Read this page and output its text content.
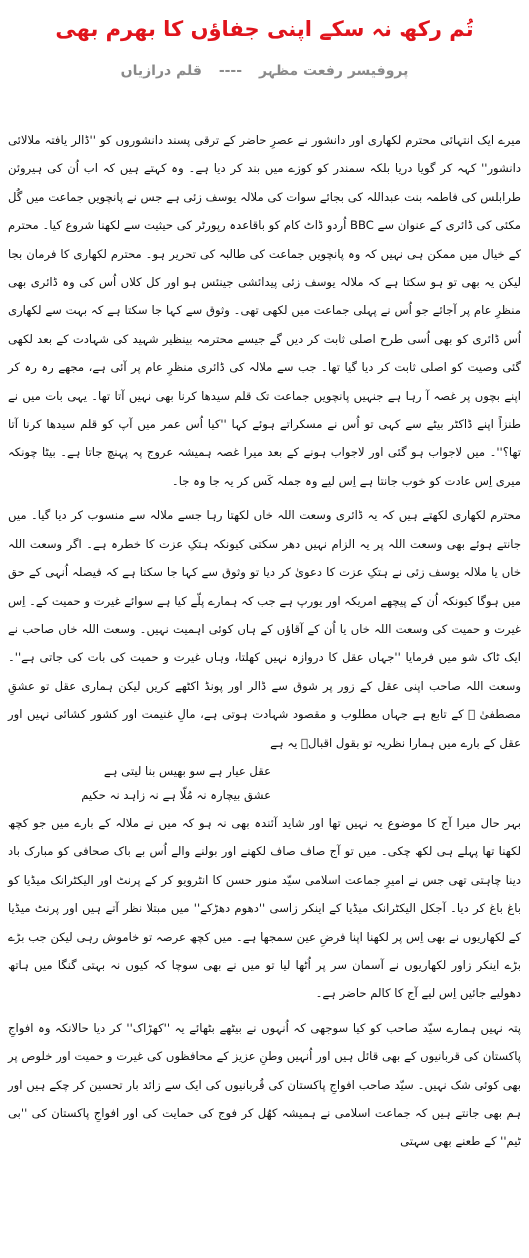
تُم رکھ نہ سکے اپنی جفاؤں کا بھرم بھی
پروفیسر رفعت مظہر ---- قلم درازیاں

میرے ایک انتہائی محترم لکھاری اور دانشور نے عصرِ حاضر کے ترقی پسند دانشوروں کو ''ڈالر یافتہ ملالائی دانشور'' کہہ کر گویا دریا بلکہ سمندر کو کوزے میں بند کر دیا ہے۔ وہ کہتے ہیں کہ اب اُن کی ہیروئن طرابلس کی فاطمہ بنت عبداللہ کی بجائے سوات کی ملالہ یوسف زئی ہے جس نے پانچویں جماعت میں گُل مکئی کی ڈائری کے عنوان سے BBC اُردو ڈاٹ کام کو باقاعدہ رپورٹر کی حیثیت سے لکھنا شروع کیا۔ محترم کے خیال میں ممکن ہی نہیں کہ وہ پانچویں جماعت کی طالبہ کی تحریر ہو۔ محترم لکھاری کا فرمان بجا لیکن یہ بھی تو ہو سکتا ہے کہ ملالہ یوسف زئی پیدائشی جینئس ہو اور کل کلاں اُس کی وہ ڈائری بھی منظرِ عام پر آجائے جو اُس نے پہلی جماعت میں لکھی تھی۔ وثوق سے کہا جا سکتا ہے کہ بہت سے لکھاری اُس ڈائری کو بھی اُسی طرح اصلی ثابت کر دیں گے جیسے محترمہ بینظیر شہید کی شہادت کے بعد لکھی گئی وصیت کو اصلی ثابت کر دیا گیا تھا۔ جب سے ملالہ کی ڈائری منظرِ عام پر آئی ہے، مجھے رہ رہ کر اپنے بچوں پر غصہ آ رہا ہے جنہیں پانچویں جماعت تک قلم سیدھا کرنا بھی نہیں آتا تھا۔ یہی بات میں نے طنزاً اپنے ڈاکٹر بیٹے سے کہی تو اُس نے مسکراتے ہوئے کہا ''کیا اُس عمر میں آپ کو قلم سیدھا کرنا آتا تھا؟''۔ میں لاجواب ہو گئی اور لاجواب ہونے کے بعد میرا غصہ ہمیشہ عروج پہ پہنچ جاتا ہے۔ بیٹا چونکہ میری اِس عادت کو خوب جانتا ہے اِس لیے وہ جملہ کَس کر یہ جا وہ جا۔

محترم لکھاری لکھتے ہیں کہ یہ ڈائری وسعت اللہ خاں لکھتا رہا جسے ملالہ سے منسوب کر دیا گیا۔ میں جانتے ہوئے بھی وسعت اللہ پر یہ الزام نہیں دھر سکتی کیونکہ ہتکِ عزت کا خطرہ ہے۔ اگر وسعت اللہ خاں یا ملالہ یوسف زئی نے ہتکِ عزت کا دعویٰ کر دیا تو وثوق سے کہا جا سکتا ہے کہ فیصلہ اُنہی کے حق میں ہوگا کیونکہ اُن کے پیچھے امریکہ اور یورپ ہے جب کہ ہمارے پلّے کیا ہے سوائے غیرت و حمیت کے۔ اِس غیرت و حمیت کی وسعت اللہ خاں یا اُن کے آقاؤں کے ہاں کوئی اہمیت نہیں۔ وسعت اللہ خاں صاحب نے ایک ٹاک شو میں فرمایا ''جہاں عقل کا دروازہ نہیں کھلتا، وہاں غیرت و حمیت کی بات کی جاتی ہے''۔ وسعت اللہ صاحب اپنی عقل کے زور پر شوق سے ڈالر اور پونڈ اکٹھے کریں لیکن ہماری عقل تو عشقِ مصطفیٰ ﷺ کے تابع ہے جہاں مطلوب و مقصود شہادت ہوتی ہے، مالِ غنیمت اور کشور کشائی نہیں اور عقل کے بارے میں ہمارا نظریہ تو بقول اقبالؒ یہ ہے

عقل عیار ہے سو بھیس بنا لیتی ہے
عشق بیچارہ نہ مُلّا ہے نہ زاہد نہ حکیم

بہر حال میرا آج کا موضوع یہ نہیں تھا اور شاید آئندہ بھی نہ ہو کہ میں نے ملالہ کے بارے میں جو کچھ لکھنا تھا پہلے ہی لکھ چکی۔ میں تو آج صاف صاف لکھنے اور بولنے والے اُس بے باک صحافی کو مبارک باد دینا چاہتی تھی جس نے امیرِ جماعت اسلامی سیّد منور حسن کا انٹرویو کر کے پرنٹ اور الیکٹرانک میڈیا کو باغ باغ کر دیا۔ آجکل الیکٹرانک میڈیا کے اینکر زاسی ''دھوم دھڑکے'' میں مبتلا نظر آتے ہیں اور پرنٹ میڈیا کے لکھاریوں نے بھی اِس پر لکھنا اپنا فرضِ عین سمجھا ہے۔ میں کچھ عرصہ تو خاموش رہی لیکن جب بڑے بڑے اینکر زاور لکھاریوں نے آسمان سر پر اُٹھا لیا تو میں نے بھی سوچا کہ کیوں نہ بہتی گنگا میں ہاتھ دھولیے جائیں اِس لیے آج کا کالم حاضر ہے۔

پتہ نہیں ہمارے سیّد صاحب کو کیا سوجھی کہ اُنہوں نے بیٹھے بٹھائے یہ ''کھڑاک'' کر دیا حالانکہ وہ افواجِ پاکستان کی قربانیوں کے بھی قائل ہیں اور اُنہیں وطنِ عزیز کے محافظوں کی غیرت و حمیت اور خلوص پر بھی کوئی شک نہیں۔ سیّد صاحب افواجِ پاکستان کی قُربانیوں کی ایک سے زائد بار تحسین کر چکے ہیں اور ہم بھی جانتے ہیں کہ جماعت اسلامی نے ہمیشہ کھُل کر فوج کی حمایت کی اور افواجِ پاکستان کی ''بی ٹیم'' کے طعنے بھی سہتی
